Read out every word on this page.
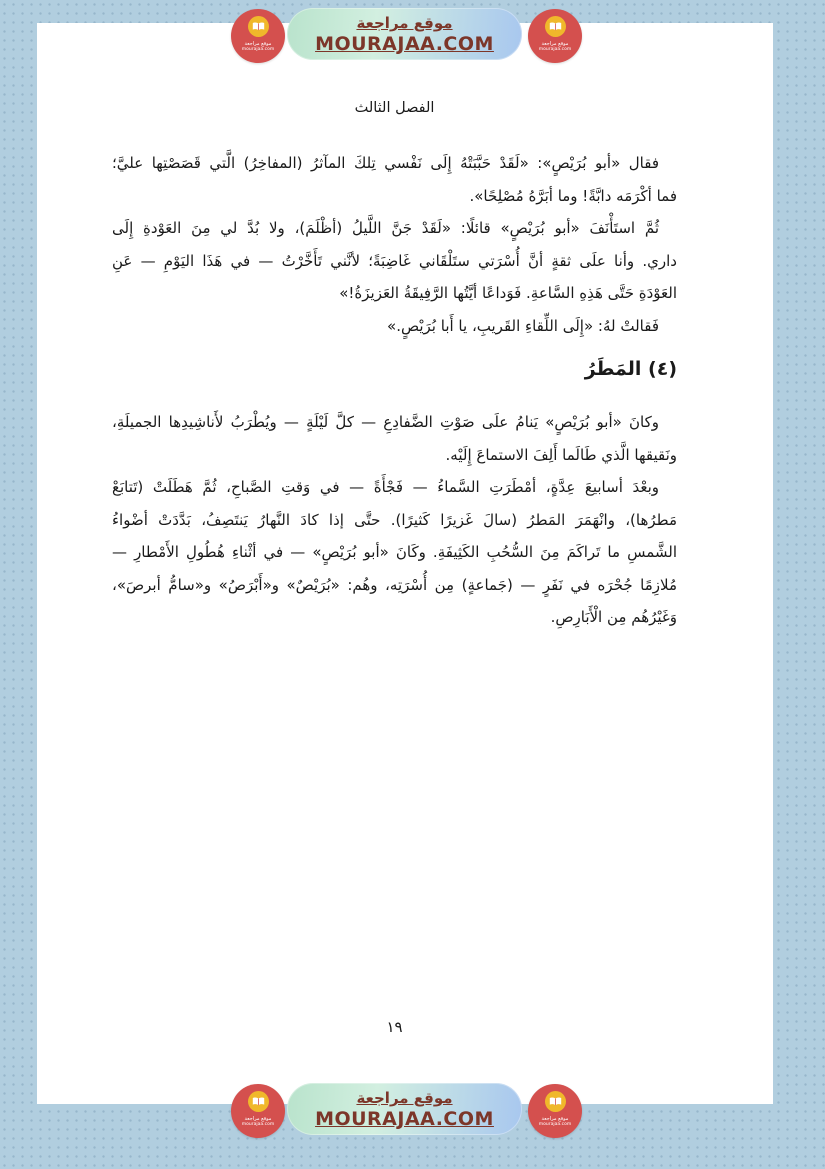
الفصل الثالث
فقال «أبو بُرَيْصٍ»: «لَقَدْ حَبَّبَتْهُ إِلَى نَفْسي تِلكَ المآثرُ (المفاخِرُ) الَّتي قَصَصْتِها عليَّ؛
فما أكْرَمَه دابَّةً! وما أبَرَّهُ مُصْلِحًا».
ثُمَّ استَأْنَفَ «أبو بُرَيْصٍ» قائلًا: «لَقَدْ جَنَّ اللَّيلُ (أظْلَمَ)، ولا بُدَّ لي مِنَ العَوْدةِ إِلَى
داري. وأنا علَى ثقةٍ أنَّ أُسْرَتي ستَلْقَاني غَاضِبَةً؛ لأنَّني تَأَخَّرْتُ — في هَذَا اليَوْمِ — عَنِ
العَوْدَةِ حَتَّى هَذِهِ السَّاعةِ. فَوَداعًا أيَّتُها الرَّفِيقَةُ العَزيزَةُ!»
فَقالتْ لهُ: «إِلَى اللِّقاءِ القَريبِ، يا أَبا بُرَيْصٍ.»
(٤) المَطَرُ
وكانَ «أبو بُرَيْصٍ» يَنامُ علَى صَوْتِ الضَّفادِعِ — كلَّ لَيْلَةٍ — ويُطْرَبُ لأَناشِيدِها الجميلَةِ،
ونَقيقها الَّذي طَالَما أَلِفَ الاستماعَ إِلَيْه.
وبعْدَ أسابيعَ عِدَّةٍ، أمْطَرَتِ السَّماءُ — فَجْأَةً — في وَقتِ الصَّباحِ، ثُمَّ هَطَلَتْ (تَتابَعْ
مَطرُها)، وانْهَمَرَ المَطرُ (سالَ غَزيرًا كَثيرًا). حتَّى إذا كادَ النَّهارُ يَنتَصِفُ، بَدَّدَتْ أضْواءُ
الشَّمسِ ما تَراكَمَ مِنَ السُّحُبِ الكَثِيفَةِ. وكَانَ «أبو بُرَيْصٍ» — في أثْناءِ هُطُولِ الأَمْطارِ —
مُلازِمًا جُحْرَه في نَفَرٍ — (جَماعةٍ) مِن أُسْرَتِه، وهُم: «بُرَيْصٌ» و«أَبْرَصُ» و«سامُّ أبرصَ»،
وَغَيْرُهُم مِن الْأَبَارِصِ.
١٩
موقع مراجعة
mourajaa.com
موقع مراجعة
MOURAJAA.COM	موقع مراجعة
mourajaa.com
موقع مراجعة
mourajaa.com
موقع مراجعة
MOURAJAA.COM	موقع مراجعة
mourajaa.com
